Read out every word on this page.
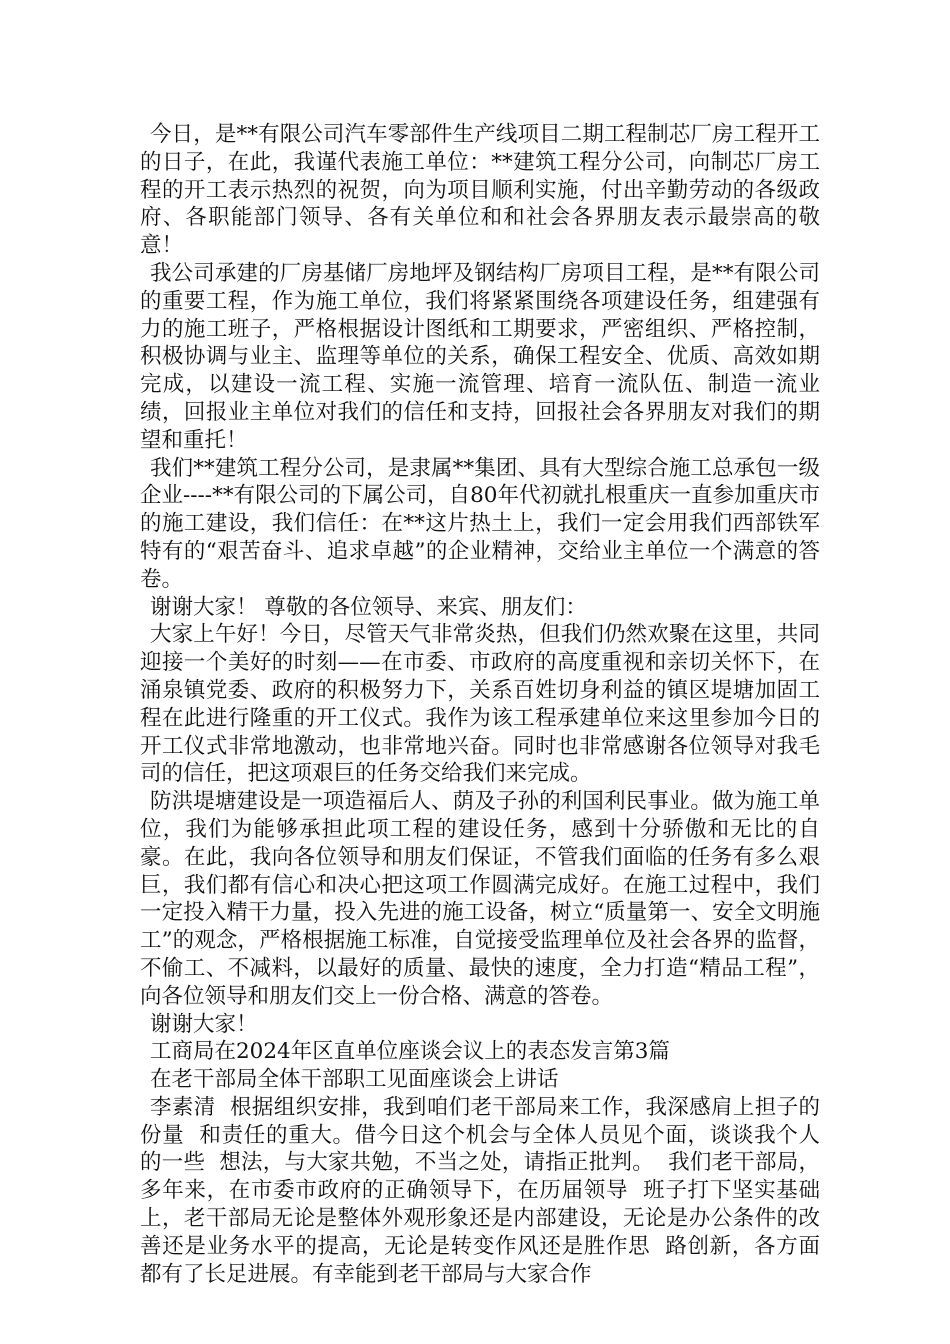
今日，是**有限公司汽车零部件生产线项目二期工程制芯厂房工程开工的日子，在此，我谨代表施工单位：**建筑工程分公司，向制芯厂房工程的开工表示热烈的祝贺，向为项目顺利实施，付出辛勤劳动的各级政府、各职能部门领导、各有关单位和和社会各界朋友表示最崇高的敬意！

我公司承建的厂房基储厂房地坪及钢结构厂房项目工程，是**有限公司的重要工程，作为施工单位，我们将紧紧围绕各项建设任务，组建强有力的施工班子，严格根据设计图纸和工期要求，严密组织、严格控制，积极协调与业主、监理等单位的关系，确保工程安全、优质、高效如期完成，以建设一流工程、实施一流管理、培育一流队伍、制造一流业绩，回报业主单位对我们的信任和支持，回报社会各界朋友对我们的期望和重托！

我们**建筑工程分公司，是隶属**集团、具有大型综合施工总承包一级企业----**有限公司的下属公司，自80年代初就扎根重庆一直参加重庆市的施工建设，我们信任：在**这片热土上，我们一定会用我们西部铁军特有的“艰苦奋斗、追求卓越”的企业精神，交给业主单位一个满意的答卷。

谢谢大家！ 尊敬的各位领导、来宾、朋友们：

大家上午好！今日，尽管天气非常炎热，但我们仍然欢聚在这里，共同迎接一个美好的时刻——在市委、市政府的高度重视和亲切关怀下，在涌泉镇党委、政府的积极努力下，关系百姓切身利益的镇区堤塘加固工程在此进行隆重的开工仪式。我作为该工程承建单位来这里参加今日的开工仪式非常地激动，也非常地兴奋。同时也非常感谢各位领导对我毛司的信任，把这项艰巨的任务交给我们来完成。

防洪堤塘建设是一项造福后人、荫及子孙的利国利民事业。做为施工单位，我们为能够承担此项工程的建设任务，感到十分骄傲和无比的自豪。在此，我向各位领导和朋友们保证，不管我们面临的任务有多么艰巨，我们都有信心和决心把这项工作圆满完成好。在施工过程中，我们一定投入精干力量，投入先进的施工设备，树立“质量第一、安全文明施工”的观念，严格根据施工标准，自觉接受监理单位及社会各界的监督，不偷工、不减料，以最好的质量、最快的速度，全力打造“精品工程”，向各位领导和朋友们交上一份合格、满意的答卷。

谢谢大家！

工商局在2024年区直单位座谈会议上的表态发言第3篇

在老干部局全体干部职工见面座谈会上讲话

李素清  根据组织安排，我到咱们老干部局来工作，我深感肩上担子的份量  和责任的重大。借今日这个机会与全体人员见个面，谈谈我个人的一些  想法，与大家共勉，不当之处，请指正批判。  我们老干部局，多年来，在市委市政府的正确领导下，在历届领导  班子打下坚实基础上，老干部局无论是整体外观形象还是内部建设，无论是办公条件的改善还是业务水平的提高，无论是转变作风还是胜作思  路创新，各方面都有了长足进展。有幸能到老干部局与大家合作
